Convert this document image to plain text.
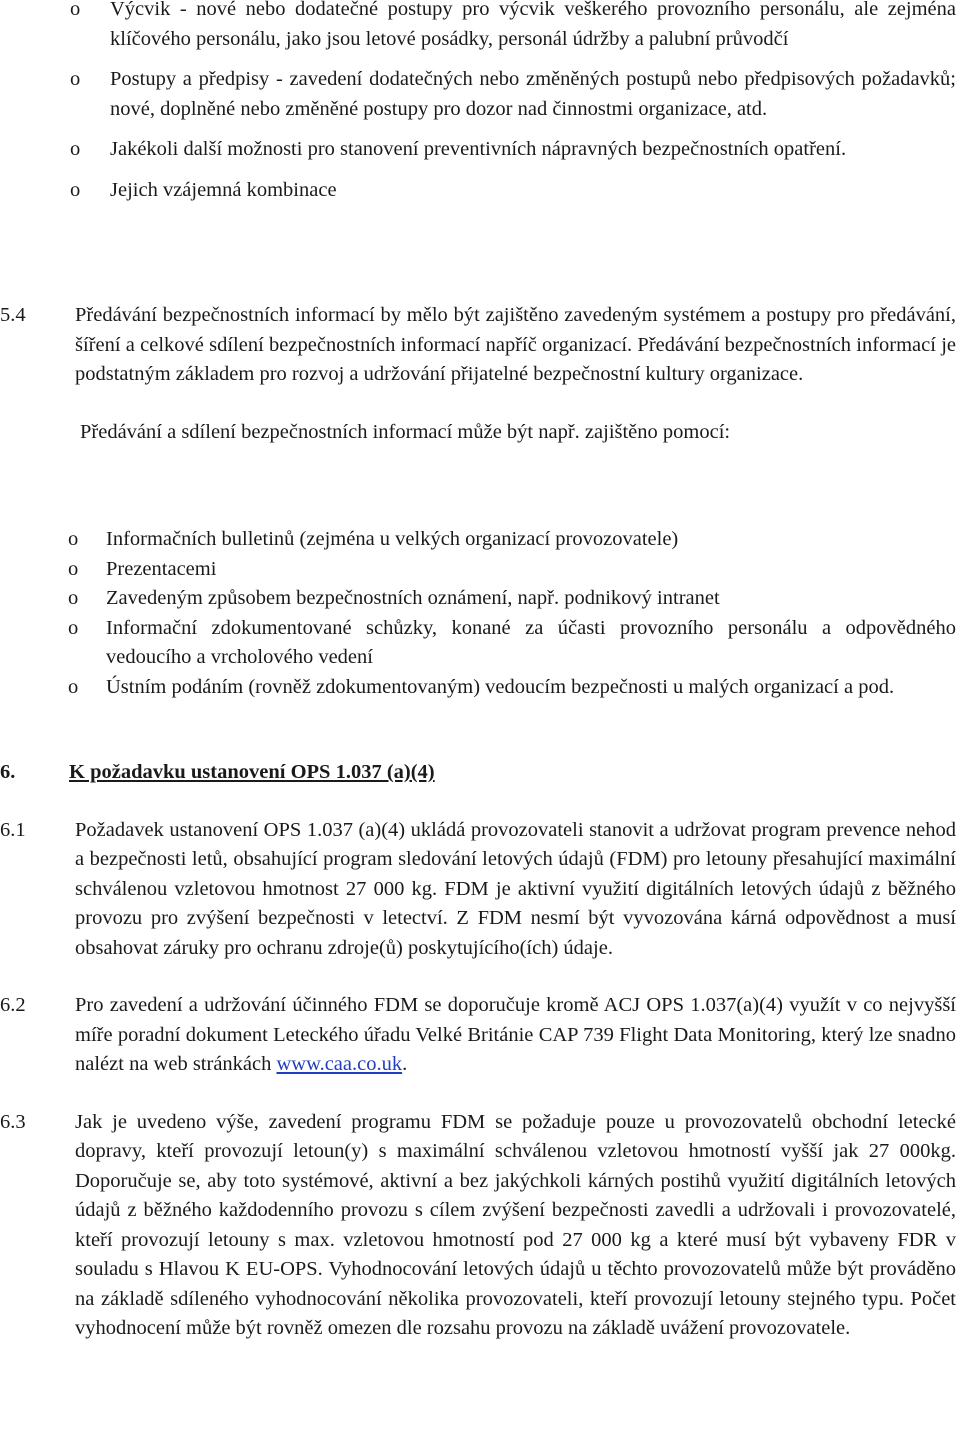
o	Výcvik - nové nebo dodatečné postupy pro výcvik veškerého provozního personálu, ale zejména klíčového personálu, jako jsou letové posádky, personál údržby a palubní průvodčí
o	Postupy a předpisy - zavedení dodatečných nebo změněných postupů nebo předpisových požadavků; nové, doplněné nebo změněné postupy pro dozor nad činnostmi organizace, atd.
o	Jakékoli další možnosti pro stanovení preventivních nápravných bezpečnostních opatření.
o	Jejich vzájemná kombinace
5.4	Předávání bezpečnostních informací by mělo být zajištěno zavedeným systémem a postupy pro předávání, šíření a celkové sdílení bezpečnostních informací napříč organizací. Předávání bezpečnostních informací je podstatným základem pro rozvoj a udržování přijatelné bezpečnostní kultury organizace.
Předávání a sdílení bezpečnostních informací může být např. zajištěno pomocí:
o	Informačních bulletinů (zejména u velkých organizací provozovatele)
o	Prezentacemi
o	Zavedeným způsobem bezpečnostních oznámení, např. podnikový intranet
o	Informační zdokumentované schůzky, konané za účasti provozního personálu a odpovědného vedoucího a vrcholového vedení
o	Ústním podáním (rovněž zdokumentovaným) vedoucím bezpečnosti u malých organizací a pod.
6.	K požadavku ustanovení OPS 1.037 (a)(4)
6.1	Požadavek ustanovení OPS 1.037 (a)(4) ukládá provozovateli stanovit a udržovat program prevence nehod a bezpečnosti letů, obsahující program sledování letových údajů (FDM) pro letouny přesahující maximální schválenou vzletovou hmotnost 27 000 kg. FDM je aktivní využití digitálních letových údajů z běžného provozu pro zvýšení bezpečnosti v letectví. Z FDM nesmí být vyvozována kárná odpovědnost a musí obsahovat záruky pro ochranu zdroje(ů) poskytujícího(ích) údaje.
6.2	Pro zavedení a udržování účinného FDM se doporučuje kromě ACJ OPS 1.037(a)(4) využít v co nejvyšší míře poradní dokument Leteckého úřadu Velké Británie CAP 739 Flight Data Monitoring, který lze snadno nalézt na web stránkách www.caa.co.uk.
6.3	Jak je uvedeno výše, zavedení programu FDM se požaduje pouze u provozovatelů obchodní letecké dopravy, kteří provozují letoun(y) s maximální schválenou vzletovou hmotností vyšší jak 27 000kg. Doporučuje se, aby toto systémové, aktivní a bez jakýchkoli kárných postihů využití digitálních letových údajů z běžného každodenního provozu s cílem zvýšení bezpečnosti zavedli a udržovali i provozovatelé, kteří provozují letouny s max. vzletovou hmotností pod 27 000 kg a které musí být vybaveny FDR v souladu s Hlavou K EU-OPS. Vyhodnocování letových údajů u těchto provozovatelů může být prováděno na základě sdíleného vyhodnocování několika provozovateli, kteří provozují letouny stejného typu. Počet vyhodnocení může být rovněž omezen dle rozsahu provozu na základě uvážení provozovatele.
